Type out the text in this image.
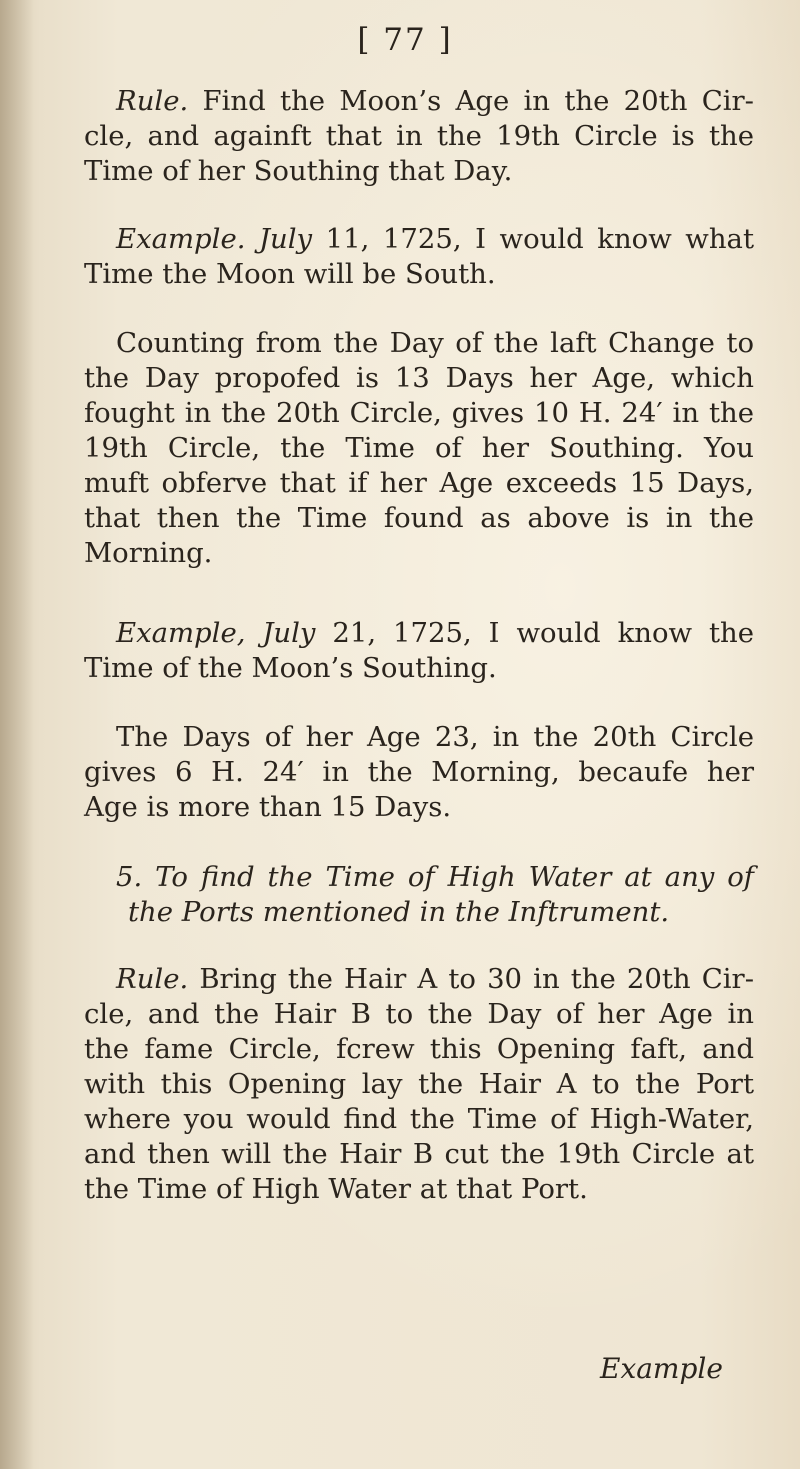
[ 77 ]
Rule. Find the Moon’s Age in the 20th Cir-
cle, and againft that in the 19th Circle is the
Time of her Southing that Day.
Example. July 11, 1725, I would know what
Time the Moon will be South.
Counting from the Day of the laft Change to
the Day propofed is 13 Days her Age, which
fought in the 20th Circle, gives 10 H. 24′ in the
19th Circle, the Time of her Southing. You
muft obferve that if her Age exceeds 15 Days,
that then the Time found as above is in the
Morning.
Example, July 21, 1725, I would know the
Time of the Moon’s Southing.
The Days of her Age 23, in the 20th Circle
gives 6 H. 24′ in the Morning, becaufe her
Age is more than 15 Days.
5. To find the Time of High Water at any of
the Ports mentioned in the Inftrument.
Rule. Bring the Hair A to 30 in the 20th Cir-
cle, and the Hair B to the Day of her Age in
the fame Circle, fcrew this Opening faft, and
with this Opening lay the Hair A to the Port
where you would find the Time of High-Water,
and then will the Hair B cut the 19th Circle at
the Time of High Water at that Port.
Example
